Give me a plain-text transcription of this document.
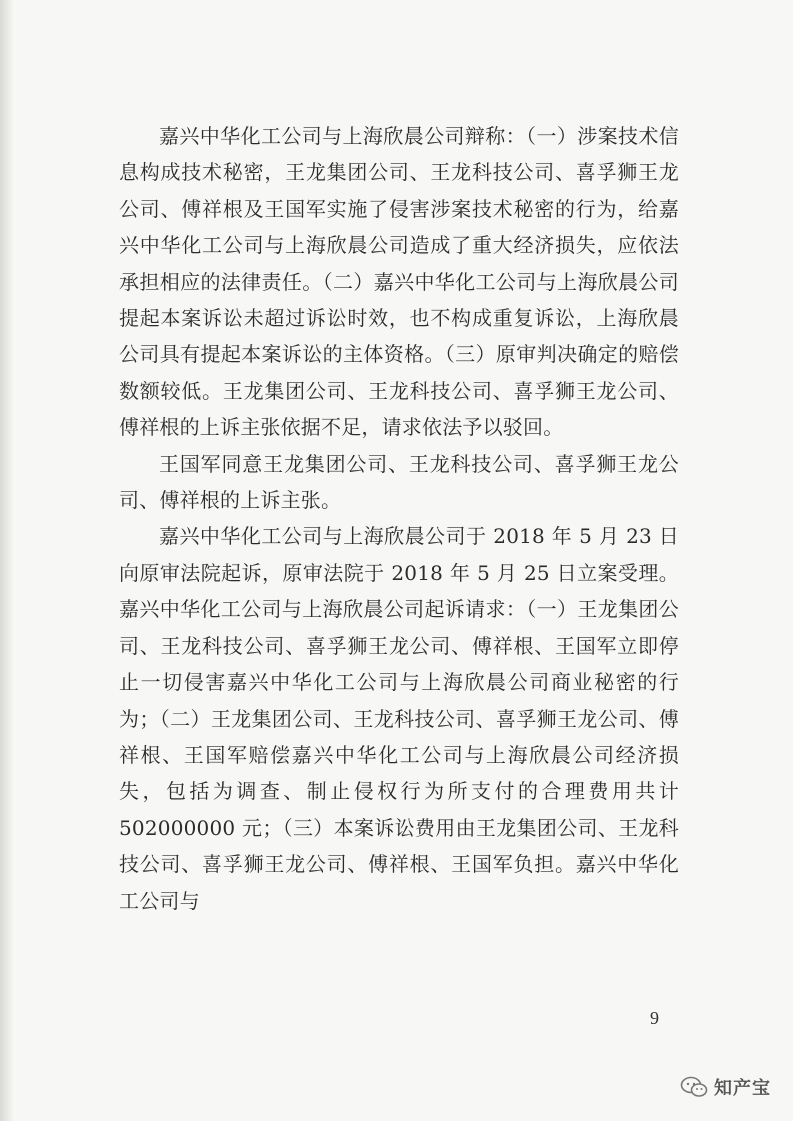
嘉兴中华化工公司与上海欣晨公司辩称：（一）涉案技术信息构成技术秘密，王龙集团公司、王龙科技公司、喜孚狮王龙公司、傅祥根及王国军实施了侵害涉案技术秘密的行为，给嘉兴中华化工公司与上海欣晨公司造成了重大经济损失，应依法承担相应的法律责任。（二）嘉兴中华化工公司与上海欣晨公司提起本案诉讼未超过诉讼时效，也不构成重复诉讼，上海欣晨公司具有提起本案诉讼的主体资格。（三）原审判决确定的赔偿数额较低。王龙集团公司、王龙科技公司、喜孚狮王龙公司、傅祥根的上诉主张依据不足，请求依法予以驳回。

王国军同意王龙集团公司、王龙科技公司、喜孚狮王龙公司、傅祥根的上诉主张。

嘉兴中华化工公司与上海欣晨公司于 2018 年 5 月 23 日向原审法院起诉，原审法院于 2018 年 5 月 25 日立案受理。嘉兴中华化工公司与上海欣晨公司起诉请求：（一）王龙集团公司、王龙科技公司、喜孚狮王龙公司、傅祥根、王国军立即停止一切侵害嘉兴中华化工公司与上海欣晨公司商业秘密的行为；（二）王龙集团公司、王龙科技公司、喜孚狮王龙公司、傅祥根、王国军赔偿嘉兴中华化工公司与上海欣晨公司经济损失，包括为调查、制止侵权行为所支付的合理费用共计 502000000 元；（三）本案诉讼费用由王龙集团公司、王龙科技公司、喜孚狮王龙公司、傅祥根、王国军负担。嘉兴中华化工公司与

9
知产宝
